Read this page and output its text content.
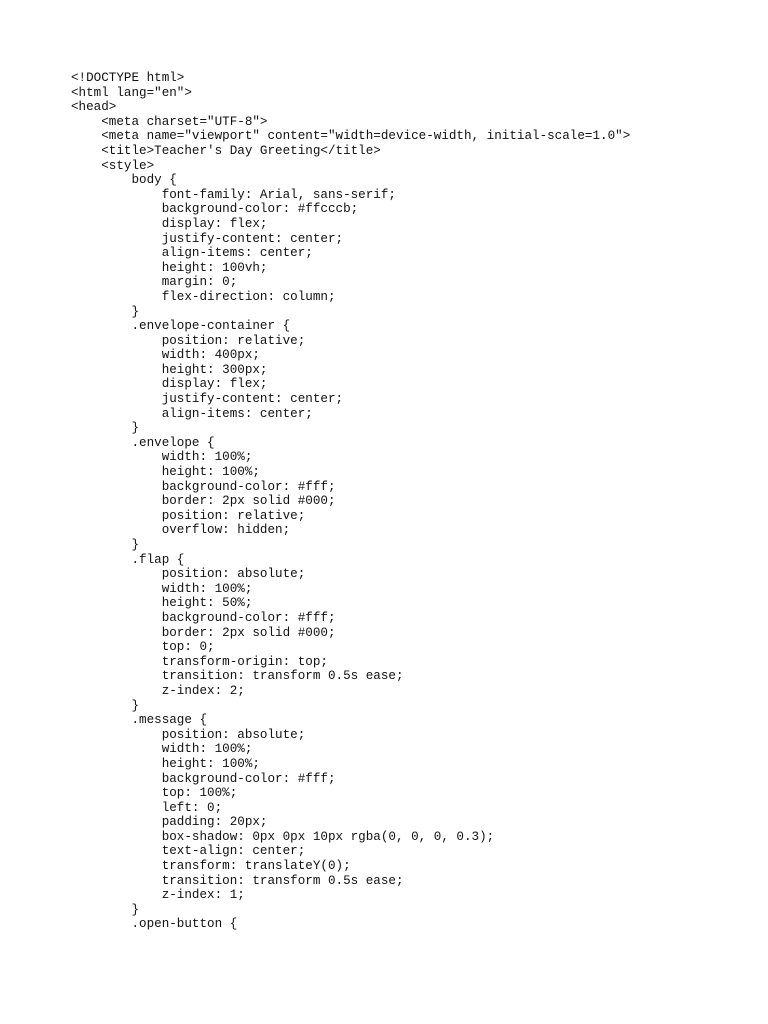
<!DOCTYPE html>
<html lang="en">
<head>
<meta charset="UTF-8">
<meta name="viewport" content="width=device-width, initial-scale=1.0">
<title>Teacher's Day Greeting</title>
<style>
body {
font-family: Arial, sans-serif;
background-color: #ffcccb;
display: flex;
justify-content: center;
align-items: center;
height: 100vh;
margin: 0;
flex-direction: column;
}
.envelope-container {
position: relative;
width: 400px;
height: 300px;
display: flex;
justify-content: center;
align-items: center;
}
.envelope {
width: 100%;
height: 100%;
background-color: #fff;
border: 2px solid #000;
position: relative;
overflow: hidden;
}
.flap {
position: absolute;
width: 100%;
height: 50%;
background-color: #fff;
border: 2px solid #000;
top: 0;
transform-origin: top;
transition: transform 0.5s ease;
z-index: 2;
}
.message {
position: absolute;
width: 100%;
height: 100%;
background-color: #fff;
top: 100%;
left: 0;
padding: 20px;
box-shadow: 0px 0px 10px rgba(0, 0, 0, 0.3);
text-align: center;
transform: translateY(0);
transition: transform 0.5s ease;
z-index: 1;
}
.open-button {
